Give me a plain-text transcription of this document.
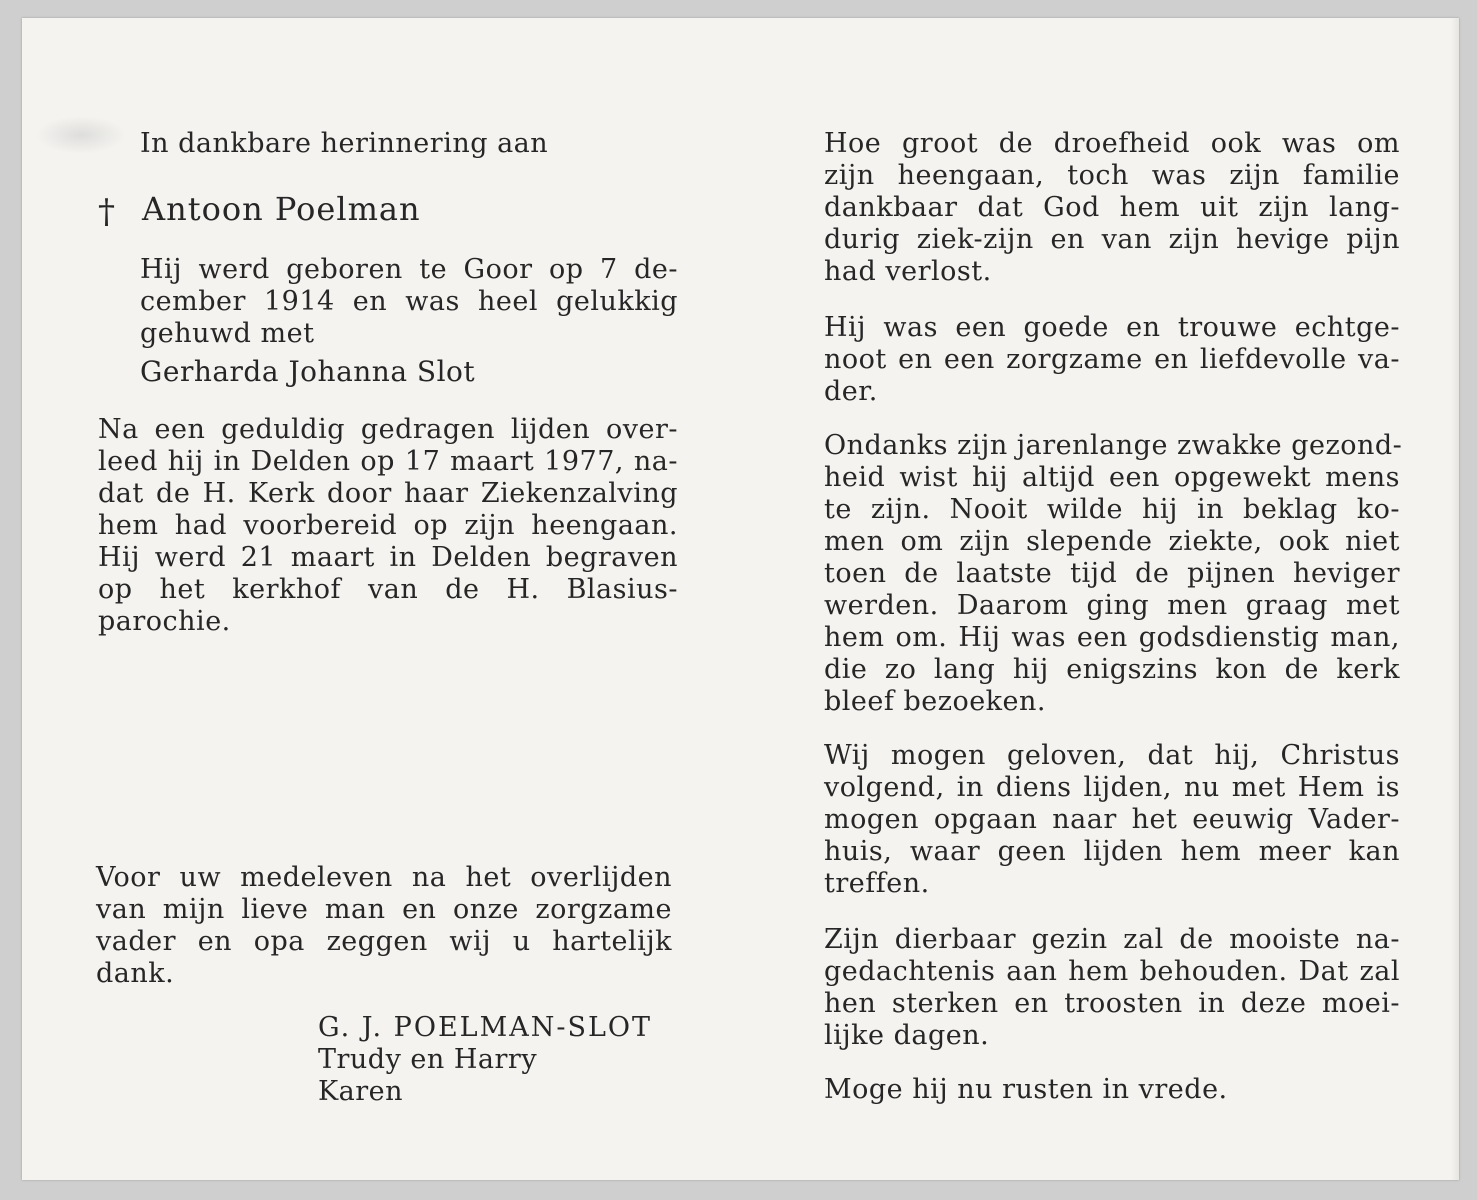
In dankbare herinnering aan

† Antoon Poelman

Hij werd geboren te Goor op 7 de-
cember 1914 en was heel gelukkig
gehuwd met

Gerharda Johanna Slot

Na een geduldig gedragen lijden over-
leed hij in Delden op 17 maart 1977, na-
dat de H. Kerk door haar Ziekenzalving
hem had voorbereid op zijn heengaan.
Hij werd 21 maart in Delden begraven
op het kerkhof van de H. Blasius-
parochie.
Voor uw medeleven na het overlijden
van mijn lieve man en onze zorgzame
vader en opa zeggen wij u hartelijk
dank.
G. J. POELMAN-SLOT
Trudy en Harry
Karen
Hoe groot de droefheid ook was om
zijn heengaan, toch was zijn familie
dankbaar dat God hem uit zijn lang-
durig ziek-zijn en van zijn hevige pijn
had verlost.
Hij was een goede en trouwe echtge-
noot en een zorgzame en liefdevolle va-
der.
Ondanks zijn jarenlange zwakke gezond-
heid wist hij altijd een opgewekt mens
te zijn. Nooit wilde hij in beklag ko-
men om zijn slepende ziekte, ook niet
toen de laatste tijd de pijnen heviger
werden. Daarom ging men graag met
hem om. Hij was een godsdienstig man,
die zo lang hij enigszins kon de kerk
bleef bezoeken.
Wij mogen geloven, dat hij, Christus
volgend, in diens lijden, nu met Hem is
mogen opgaan naar het eeuwig Vader-
huis, waar geen lijden hem meer kan
treffen.
Zijn dierbaar gezin zal de mooiste na-
gedachtenis aan hem behouden. Dat zal
hen sterken en troosten in deze moei-
lijke dagen.

Moge hij nu rusten in vrede.
